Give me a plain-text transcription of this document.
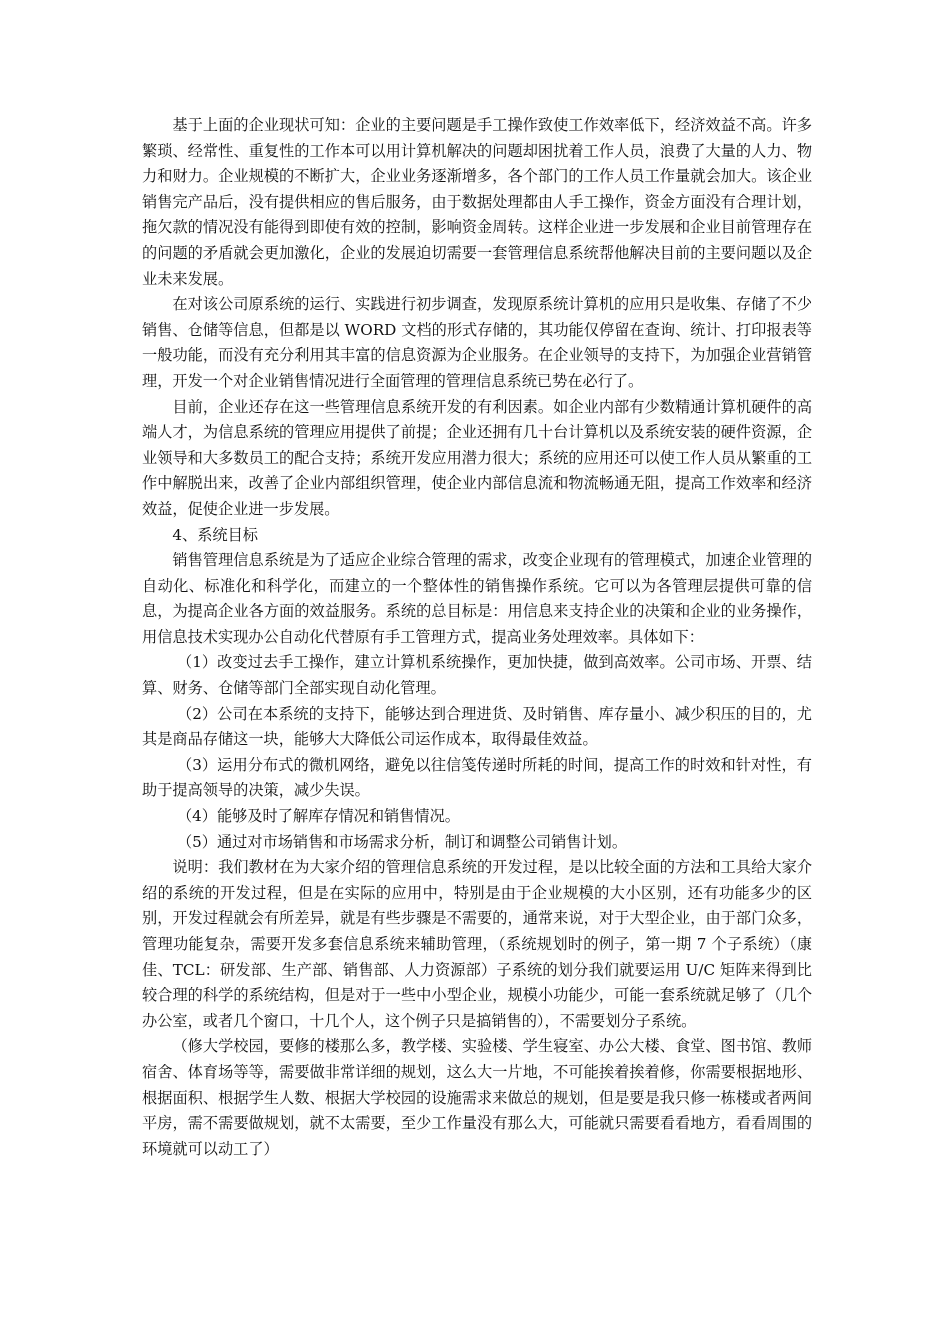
基于上面的企业现状可知：企业的主要问题是手工操作致使工作效率低下，经济效益不高。许多繁琐、经常性、重复性的工作本可以用计算机解决的问题却困扰着工作人员，浪费了大量的人力、物力和财力。企业规模的不断扩大，企业业务逐渐增多，各个部门的工作人员工作量就会加大。该企业销售完产品后，没有提供相应的售后服务，由于数据处理都由人手工操作，资金方面没有合理计划，拖欠款的情况没有能得到即使有效的控制，影响资金周转。这样企业进一步发展和企业目前管理存在的问题的矛盾就会更加激化，企业的发展迫切需要一套管理信息系统帮他解决目前的主要问题以及企业未来发展。

在对该公司原系统的运行、实践进行初步调查，发现原系统计算机的应用只是收集、存储了不少销售、仓储等信息，但都是以 WORD 文档的形式存储的，其功能仅停留在查询、统计、打印报表等一般功能，而没有充分利用其丰富的信息资源为企业服务。在企业领导的支持下，为加强企业营销管理，开发一个对企业销售情况进行全面管理的管理信息系统已势在必行了。

目前，企业还存在这一些管理信息系统开发的有利因素。如企业内部有少数精通计算机硬件的高端人才，为信息系统的管理应用提供了前提；企业还拥有几十台计算机以及系统安装的硬件资源，企业领导和大多数员工的配合支持；系统开发应用潜力很大；系统的应用还可以使工作人员从繁重的工作中解脱出来，改善了企业内部组织管理，使企业内部信息流和物流畅通无阻，提高工作效率和经济效益，促使企业进一步发展。

4、系统目标

销售管理信息系统是为了适应企业综合管理的需求，改变企业现有的管理模式，加速企业管理的自动化、标准化和科学化，而建立的一个整体性的销售操作系统。它可以为各管理层提供可靠的信息，为提高企业各方面的效益服务。系统的总目标是：用信息来支持企业的决策和企业的业务操作，用信息技术实现办公自动化代替原有手工管理方式，提高业务处理效率。具体如下：

（1）改变过去手工操作，建立计算机系统操作，更加快捷，做到高效率。公司市场、开票、结算、财务、仓储等部门全部实现自动化管理。

（2）公司在本系统的支持下，能够达到合理进货、及时销售、库存量小、减少积压的目的，尤其是商品存储这一块，能够大大降低公司运作成本，取得最佳效益。

（3）运用分布式的微机网络，避免以往信笺传递时所耗的时间，提高工作的时效和针对性，有助于提高领导的决策，减少失误。

（4）能够及时了解库存情况和销售情况。

（5）通过对市场销售和市场需求分析，制订和调整公司销售计划。

说明：我们教材在为大家介绍的管理信息系统的开发过程，是以比较全面的方法和工具给大家介绍的系统的开发过程，但是在实际的应用中，特别是由于企业规模的大小区别，还有功能多少的区别，开发过程就会有所差异，就是有些步骤是不需要的，通常来说，对于大型企业，由于部门众多，管理功能复杂，需要开发多套信息系统来辅助管理，（系统规划时的例子，第一期 7 个子系统）（康佳、TCL：研发部、生产部、销售部、人力资源部）子系统的划分我们就要运用 U/C 矩阵来得到比较合理的科学的系统结构，但是对于一些中小型企业，规模小功能少，可能一套系统就足够了（几个办公室，或者几个窗口，十几个人，这个例子只是搞销售的），不需要划分子系统。

（修大学校园，要修的楼那么多，教学楼、实验楼、学生寝室、办公大楼、食堂、图书馆、教师宿舍、体育场等等，需要做非常详细的规划，这么大一片地，不可能挨着挨着修，你需要根据地形、根据面积、根据学生人数、根据大学校园的设施需求来做总的规划，但是要是我只修一栋楼或者两间平房，需不需要做规划，就不太需要，至少工作量没有那么大，可能就只需要看看地方，看看周围的环境就可以动工了）
